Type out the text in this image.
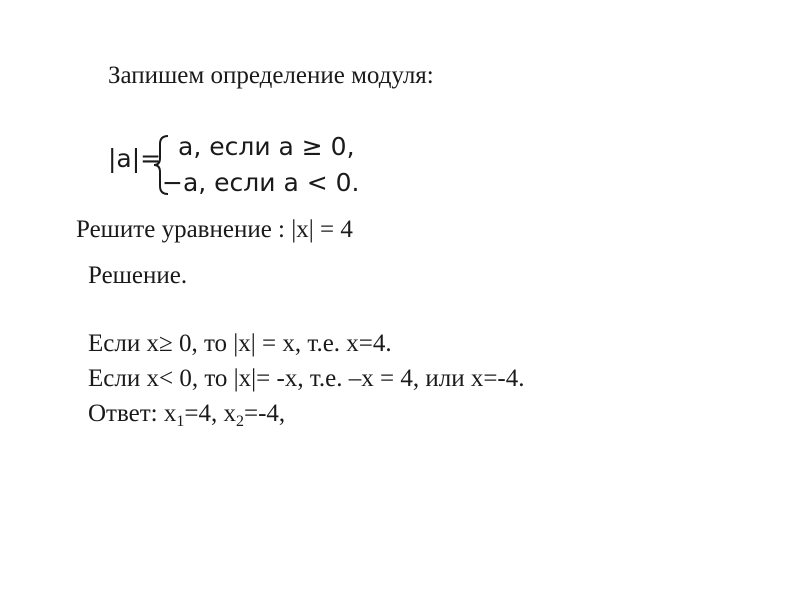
Запишем определение модуля:
|a|= a, если a ≥ 0,
−a, если a < 0.
Решите уравнение : |x| = 4
Решение.
Если x≥ 0, то |x| = x, т.е. x=4.
Если x< 0, то |x|= -x, т.е. –x = 4, или x=-4.
Ответ: $x_1=4$, $x_2=-4$,
